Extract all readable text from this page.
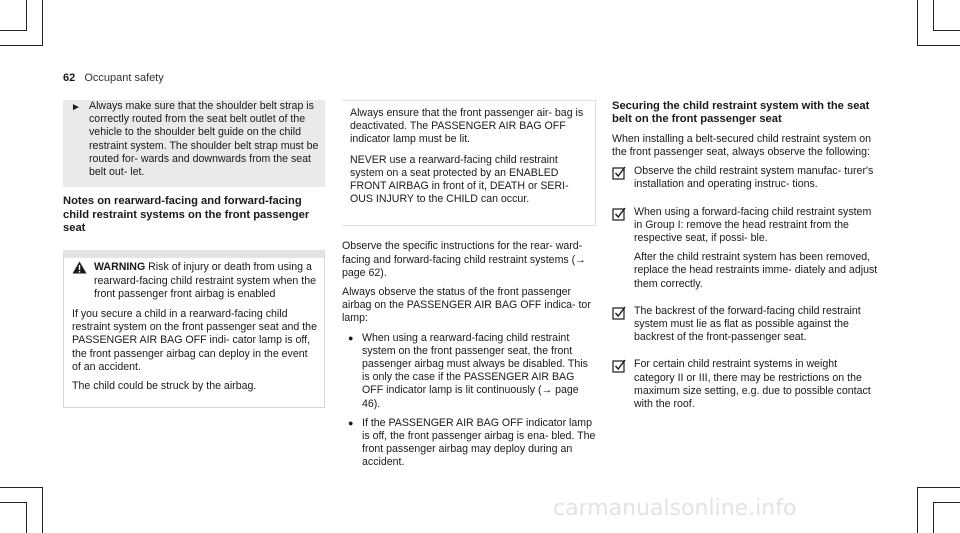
62 Occupant safety
► Always make sure that the shoulder belt strap is correctly routed from the seat belt outlet of the vehicle to the shoulder belt guide on the child restraint system. The shoulder belt strap must be routed for- wards and downwards from the seat belt out- let.

Notes on rearward-facing and forward-facing child restraint systems on the front passenger seat

WARNING Risk of injury or death from using a rearward-facing child restraint system when the front passenger front airbag is enabled

If you secure a child in a rearward-facing child restraint system on the front passenger seat and the PASSENGER AIR BAG OFF indi- cator lamp is off, the front passenger airbag can deploy in the event of an accident.

The child could be struck by the airbag.

Always ensure that the front passenger air- bag is deactivated. The PASSENGER AIR BAG OFF indicator lamp must be lit.

NEVER use a rearward-facing child restraint system on a seat protected by an ENABLED FRONT AIRBAG in front of it, DEATH or SERI- OUS INJURY to the CHILD can occur.

Observe the specific instructions for the rear- ward-facing and forward-facing child restraint systems (→ page 62).

Always observe the status of the front passenger airbag on the PASSENGER AIR BAG OFF indica- tor lamp:

● When using a rearward-facing child restraint system on the front passenger seat, the front passenger airbag must always be disabled. This is only the case if the PASSENGER AIR BAG OFF indicator lamp is lit continuously (→ page 46).
● If the PASSENGER AIR BAG OFF indicator lamp is off, the front passenger airbag is ena- bled. The front passenger airbag may deploy during an accident.

Securing the child restraint system with the seat belt on the front passenger seat

When installing a belt-secured child restraint system on the front passenger seat, always observe the following:

Observe the child restraint system manufac- turer's installation and operating instruc- tions.

When using a forward-facing child restraint system in Group I: remove the head restraint from the respective seat, if possi- ble.

After the child restraint system has been removed, replace the head restraints imme- diately and adjust them correctly.

The backrest of the forward-facing child restraint system must lie as flat as possible against the backrest of the front-passenger seat.

For certain child restraint systems in weight category II or III, there may be restrictions on the maximum size setting, e.g. due to possible contact with the roof.

carmanualsonline.info
